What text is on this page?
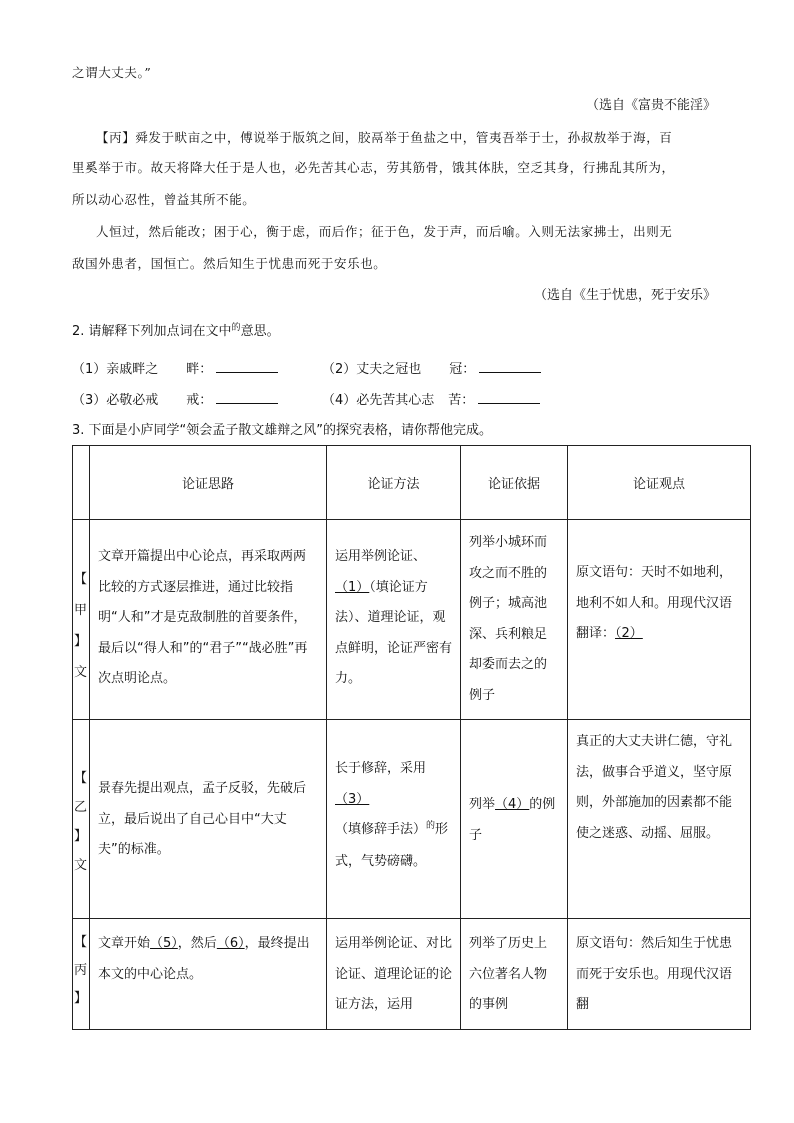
之谓大丈夫。”
（选自《富贵不能淫》
【丙】舜发于畎亩之中，傅说举于版筑之间，胶鬲举于鱼盐之中，管夷吾举于士，孙叔敖举于海，百
里奚举于市。故天将降大任于是人也，必先苦其心志，劳其筋骨，饿其体肤，空乏其身，行拂乱其所为，
所以动心忍性，曾益其所不能。
人恒过，然后能改；困于心，衡于虑，而后作；征于色，发于声，而后喻。入则无法家拂士，出则无
敌国外患者，国恒亡。然后知生于忧患而死于安乐也。
（选自《生于忧患，死于安乐》
2. 请解释下列加点词在文中$^的$意思。
（1）亲戚畔之 畔：	（2）丈夫之冠也 冠：
（3）必敬必戒 戒：	（4）必先苦其心志 苦：
3. 下面是小庐同学“领会孟子散文雄辩之风”的探究表格，请你帮他完成。
	论证思路	论证方法	论证依据	论证观点

【
甲
】
文	文章开篇提出中心论点，再采取两两比较的方式逐层推进，通过比较指明“人和”才是克敌制胜的首要条件，最后以“得人和”的“君子”“战必胜”再次点明论点。	运用举例论证、（1）（填论证方法）、道理论证，观点鲜明，论证严密有力。	列举小城环而攻之而不胜的例子；城高池深、兵利粮足却委而去之的例子	原文语句：天时不如地利，地利不如人和。用现代汉语翻译：（2）

【
乙
】
文	景春先提出观点，孟子反驳，先破后立，最后说出了自己心目中“大丈夫”的标准。	长于修辞，采用（3）（填修辞手法）$^的$形式，气势磅礴。	列举（4）的例子	真正的大丈夫讲仁德，守礼法，做事合乎道义，坚守原则，外部施加的因素都不能使之迷惑、动摇、屈服。

【
丙
】	文章开始（5），然后（6），最终提出本文的中心论点。	运用举例论证、对比论证、道理论证的论证方法，运用	列举了历史上六位著名人物的事例	原文语句：然后知生于忧患而死于安乐也。用现代汉语翻
